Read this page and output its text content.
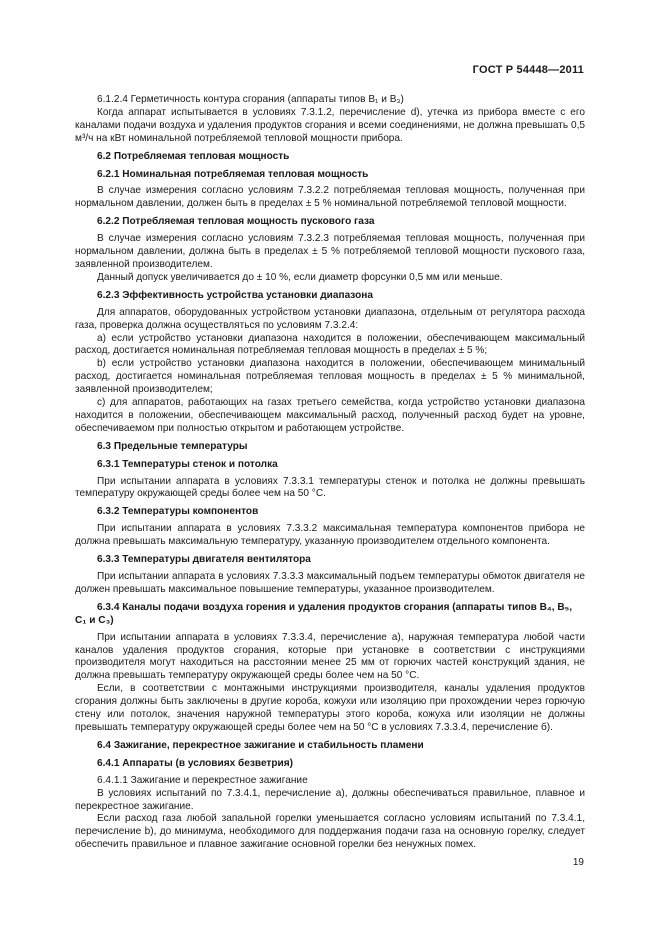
ГОСТ Р 54448—2011

6.1.2.4 Герметичность контура сгорания (аппараты типов B₁ и B₃)

Когда аппарат испытывается в условиях 7.3.1.2, перечисление d), утечка из прибора вместе с его каналами подачи воздуха и удаления продуктов сгорания и всеми соединениями, не должна превышать 0,5 м³/ч на кВт номинальной потребляемой тепловой мощности прибора.

6.2 Потребляемая тепловая мощность
6.2.1 Номинальная потребляемая тепловая мощность

В случае измерения согласно условиям 7.3.2.2 потребляемая тепловая мощность, полученная при нормальном давлении, должен быть в пределах ± 5 % номинальной потребляемой тепловой мощности.

6.2.2 Потребляемая тепловая мощность пускового газа

В случае измерения согласно условиям 7.3.2.3 потребляемая тепловая мощность, полученная при нормальном давлении, должна быть в пределах ± 5 % потребляемой тепловой мощности пускового газа, заявленной производителем.

Данный допуск увеличивается до ± 10 %, если диаметр форсунки 0,5 мм или меньше.

6.2.3 Эффективность устройства установки диапазона

Для аппаратов, оборудованных устройством установки диапазона, отдельным от регулятора расхода газа, проверка должна осуществляться по условиям 7.3.2.4:

a) если устройство установки диапазона находится в положении, обеспечивающем максимальный расход, достигается номинальная потребляемая тепловая мощность в пределах ± 5 %;

b) если устройство установки диапазона находится в положении, обеспечивающем минимальный расход, достигается номинальная потребляемая тепловая мощность в пределах ± 5 % минимальной, заявленной производителем;

c) для аппаратов, работающих на газах третьего семейства, когда устройство установки диапазона находится в положении, обеспечивающем максимальный расход, полученный расход будет на уровне, обеспечиваемом при полностью открытом и работающем устройстве.

6.3 Предельные температуры
6.3.1 Температуры стенок и потолка

При испытании аппарата в условиях 7.3.3.1 температуры стенок и потолка не должны превышать температуру окружающей среды более чем на 50 °С.

6.3.2 Температуры компонентов

При испытании аппарата в условиях 7.3.3.2 максимальная температура компонентов прибора не должна превышать максимальную температуру, указанную производителем отдельного компонента.

6.3.3 Температуры двигателя вентилятора

При испытании аппарата в условиях 7.3.3.3 максимальный подъем температуры обмоток двигателя не должен превышать максимальное повышение температуры, указанное производителем.

6.3.4 Каналы подачи воздуха горения и удаления продуктов сгорания (аппараты типов B₄, B₅, C₁ и C₃)

При испытании аппарата в условиях 7.3.3.4, перечисление а), наружная температура любой части каналов удаления продуктов сгорания, которые при установке в соответствии с инструкциями производителя могут находиться на расстоянии менее 25 мм от горючих частей конструкций здания, не должна превышать температуру окружающей среды более чем на 50 °С.

Если, в соответствии с монтажными инструкциями производителя, каналы удаления продуктов сгорания должны быть заключены в другие короба, кожухи или изоляцию при прохождении через горючую стену или потолок, значения наружной температуры этого короба, кожуха или изоляции не должны превышать температуру окружающей среды более чем на 50 °С в условиях 7.3.3.4, перечисление б).

6.4 Зажигание, перекрестное зажигание и стабильность пламени
6.4.1 Аппараты (в условиях безветрия)

6.4.1.1 Зажигание и перекрестное зажигание

В условиях испытаний по 7.3.4.1, перечисление а), должны обеспечиваться правильное, плавное и перекрестное зажигание.

Если расход газа любой запальной горелки уменьшается согласно условиям испытаний по 7.3.4.1, перечисление b), до минимума, необходимого для поддержания подачи газа на основную горелку, следует обеспечить правильное и плавное зажигание основной горелки без ненужных помех.

19
